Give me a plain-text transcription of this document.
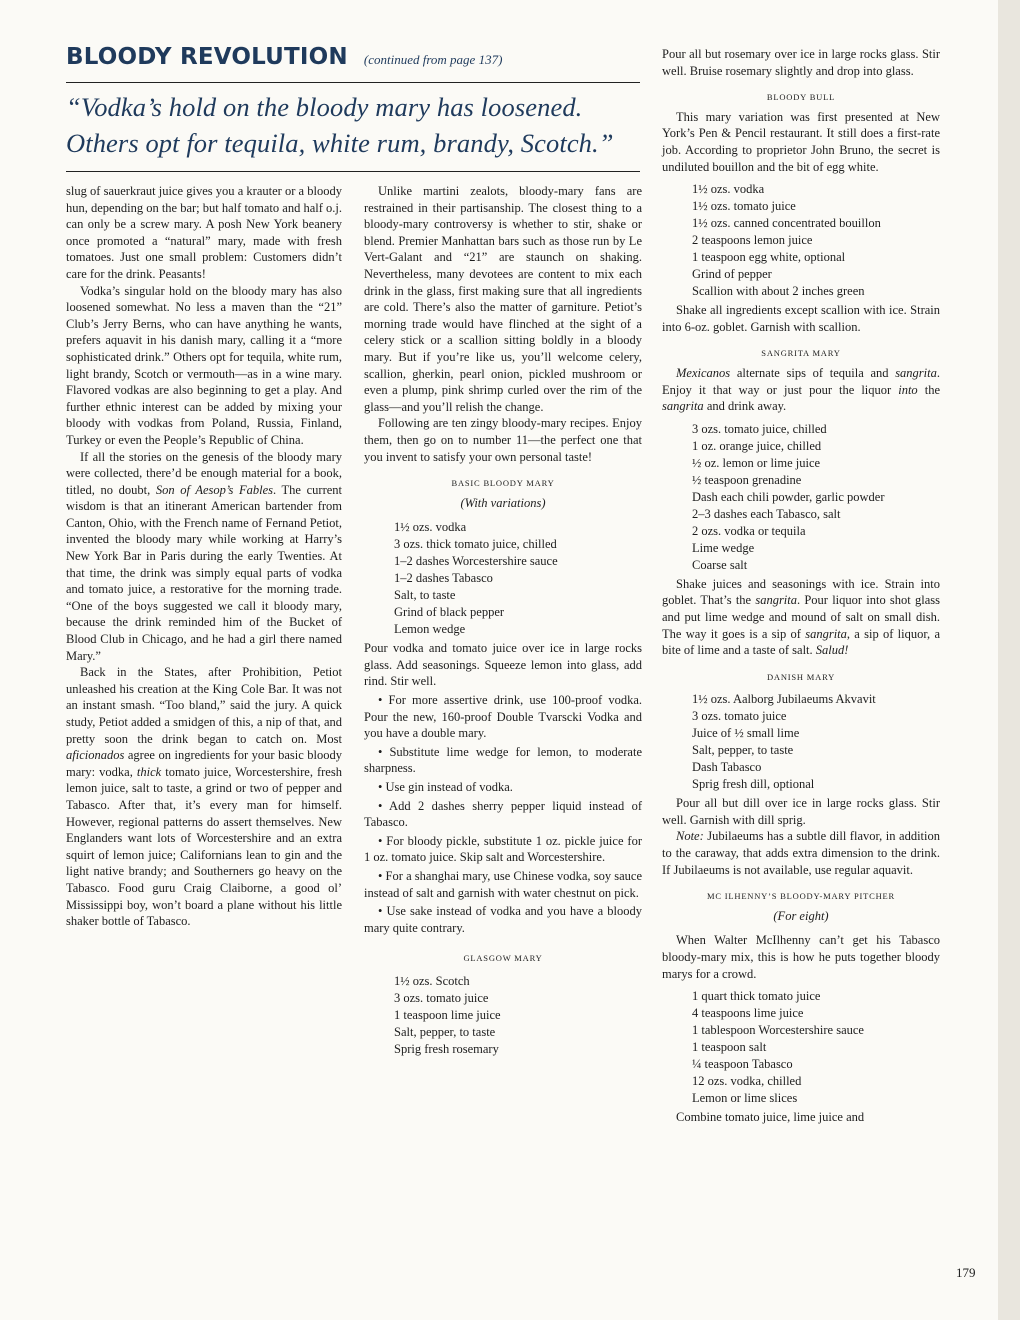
BLOODY REVOLUTION (continued from page 137)
“Vodka’s hold on the bloody mary has loosened.
Others opt for tequila, white rum, brandy, Scotch.”

slug of sauerkraut juice gives you a krauter or a bloody hun, depending on the bar; but half tomato and half o.j. can only be a screw mary. A posh New York beanery once promoted a “natural” mary, made with fresh tomatoes. Just one small problem: Customers didn’t care for the drink. Peasants!

Vodka’s singular hold on the bloody mary has also loosened somewhat. No less a maven than the “21” Club’s Jerry Berns, who can have anything he wants, prefers aquavit in his danish mary, calling it a “more sophisticated drink.” Others opt for tequila, white rum, light brandy, Scotch or vermouth—as in a wine mary. Flavored vodkas are also beginning to get a play. And further ethnic interest can be added by mixing your bloody with vodkas from Poland, Russia, Finland, Turkey or even the People’s Republic of China.

If all the stories on the genesis of the bloody mary were collected, there’d be enough material for a book, titled, no doubt, Son of Aesop’s Fables. The current wisdom is that an itinerant American bartender from Canton, Ohio, with the French name of Fernand Petiot, invented the bloody mary while working at Harry’s New York Bar in Paris during the early Twenties. At that time, the drink was simply equal parts of vodka and tomato juice, a restorative for the morning trade. “One of the boys suggested we call it bloody mary, because the drink reminded him of the Bucket of Blood Club in Chicago, and he had a girl there named Mary.”

Back in the States, after Prohibition, Petiot unleashed his creation at the King Cole Bar. It was not an instant smash. “Too bland,” said the jury. A quick study, Petiot added a smidgen of this, a nip of that, and pretty soon the drink began to catch on. Most aficionados agree on ingredients for your basic bloody mary: vodka, thick tomato juice, Worcestershire, fresh lemon juice, salt to taste, a grind or two of pepper and Tabasco. After that, it’s every man for himself. However, regional patterns do assert themselves. New Englanders want lots of Worcestershire and an extra squirt of lemon juice; Californians lean to gin and the light native brandy; and Southerners go heavy on the Tabasco. Food guru Craig Claiborne, a good ol’ Mississippi boy, won’t board a plane without his little shaker bottle of Tabasco.

Unlike martini zealots, bloody-mary fans are restrained in their partisanship. The closest thing to a bloody-mary controversy is whether to stir, shake or blend. Premier Manhattan bars such as those run by Le Vert-Galant and “21” are staunch on shaking. Nevertheless, many devotees are content to mix each drink in the glass, first making sure that all ingredients are cold. There’s also the matter of garniture. Petiot’s morning trade would have flinched at the sight of a celery stick or a scallion sitting boldly in a bloody mary. But if you’re like us, you’ll welcome celery, scallion, gherkin, pearl onion, pickled mushroom or even a plump, pink shrimp curled over the rim of the glass—and you’ll relish the change.

Following are ten zingy bloody-mary recipes. Enjoy them, then go on to number 11—the perfect one that you invent to satisfy your own personal taste!

BASIC BLOODY MARY
(With variations)

1½ ozs. vodka

3 ozs. thick tomato juice, chilled

1–2 dashes Worcestershire sauce

1–2 dashes Tabasco

Salt, to taste

Grind of black pepper

Lemon wedge

Pour vodka and tomato juice over ice in large rocks glass. Add seasonings. Squeeze lemon into glass, add rind. Stir well.

• For more assertive drink, use 100-proof vodka. Pour the new, 160-proof Double Tvarscki Vodka and you have a double mary.

• Substitute lime wedge for lemon, to moderate sharpness.

• Use gin instead of vodka.

• Add 2 dashes sherry pepper liquid instead of Tabasco.

• For bloody pickle, substitute 1 oz. pickle juice for 1 oz. tomato juice. Skip salt and Worcestershire.

• For a shanghai mary, use Chinese vodka, soy sauce instead of salt and garnish with water chestnut on pick.

• Use sake instead of vodka and you have a bloody mary quite contrary.

GLASGOW MARY

1½ ozs. Scotch

3 ozs. tomato juice

1 teaspoon lime juice

Salt, pepper, to taste

Sprig fresh rosemary

Pour all but rosemary over ice in large rocks glass. Stir well. Bruise rosemary slightly and drop into glass.

BLOODY BULL

This mary variation was first presented at New York’s Pen & Pencil restaurant. It still does a first-rate job. According to proprietor John Bruno, the secret is undiluted bouillon and the bit of egg white.

1½ ozs. vodka

1½ ozs. tomato juice

1½ ozs. canned concentrated bouillon

2 teaspoons lemon juice

1 teaspoon egg white, optional

Grind of pepper

Scallion with about 2 inches green

Shake all ingredients except scallion with ice. Strain into 6-oz. goblet. Garnish with scallion.

SANGRITA MARY

Mexicanos alternate sips of tequila and sangrita. Enjoy it that way or just pour the liquor into the sangrita and drink away.

3 ozs. tomato juice, chilled

1 oz. orange juice, chilled

½ oz. lemon or lime juice

½ teaspoon grenadine

Dash each chili powder, garlic powder

2–3 dashes each Tabasco, salt

2 ozs. vodka or tequila

Lime wedge

Coarse salt

Shake juices and seasonings with ice. Strain into goblet. That’s the sangrita. Pour liquor into shot glass and put lime wedge and mound of salt on small dish. The way it goes is a sip of sangrita, a sip of liquor, a bite of lime and a taste of salt. Salud!

DANISH MARY

1½ ozs. Aalborg Jubilaeums Akvavit

3 ozs. tomato juice

Juice of ½ small lime

Salt, pepper, to taste

Dash Tabasco

Sprig fresh dill, optional

Pour all but dill over ice in large rocks glass. Stir well. Garnish with dill sprig.

Note: Jubilaeums has a subtle dill flavor, in addition to the caraway, that adds extra dimension to the drink. If Jubilaeums is not available, use regular aquavit.

MC ILHENNY’S BLOODY-MARY PITCHER
(For eight)

When Walter McIlhenny can’t get his Tabasco bloody-mary mix, this is how he puts together bloody marys for a crowd.

1 quart thick tomato juice

4 teaspoons lime juice

1 tablespoon Worcestershire sauce

1 teaspoon salt

¼ teaspoon Tabasco

12 ozs. vodka, chilled

Lemon or lime slices

Combine tomato juice, lime juice and

179
